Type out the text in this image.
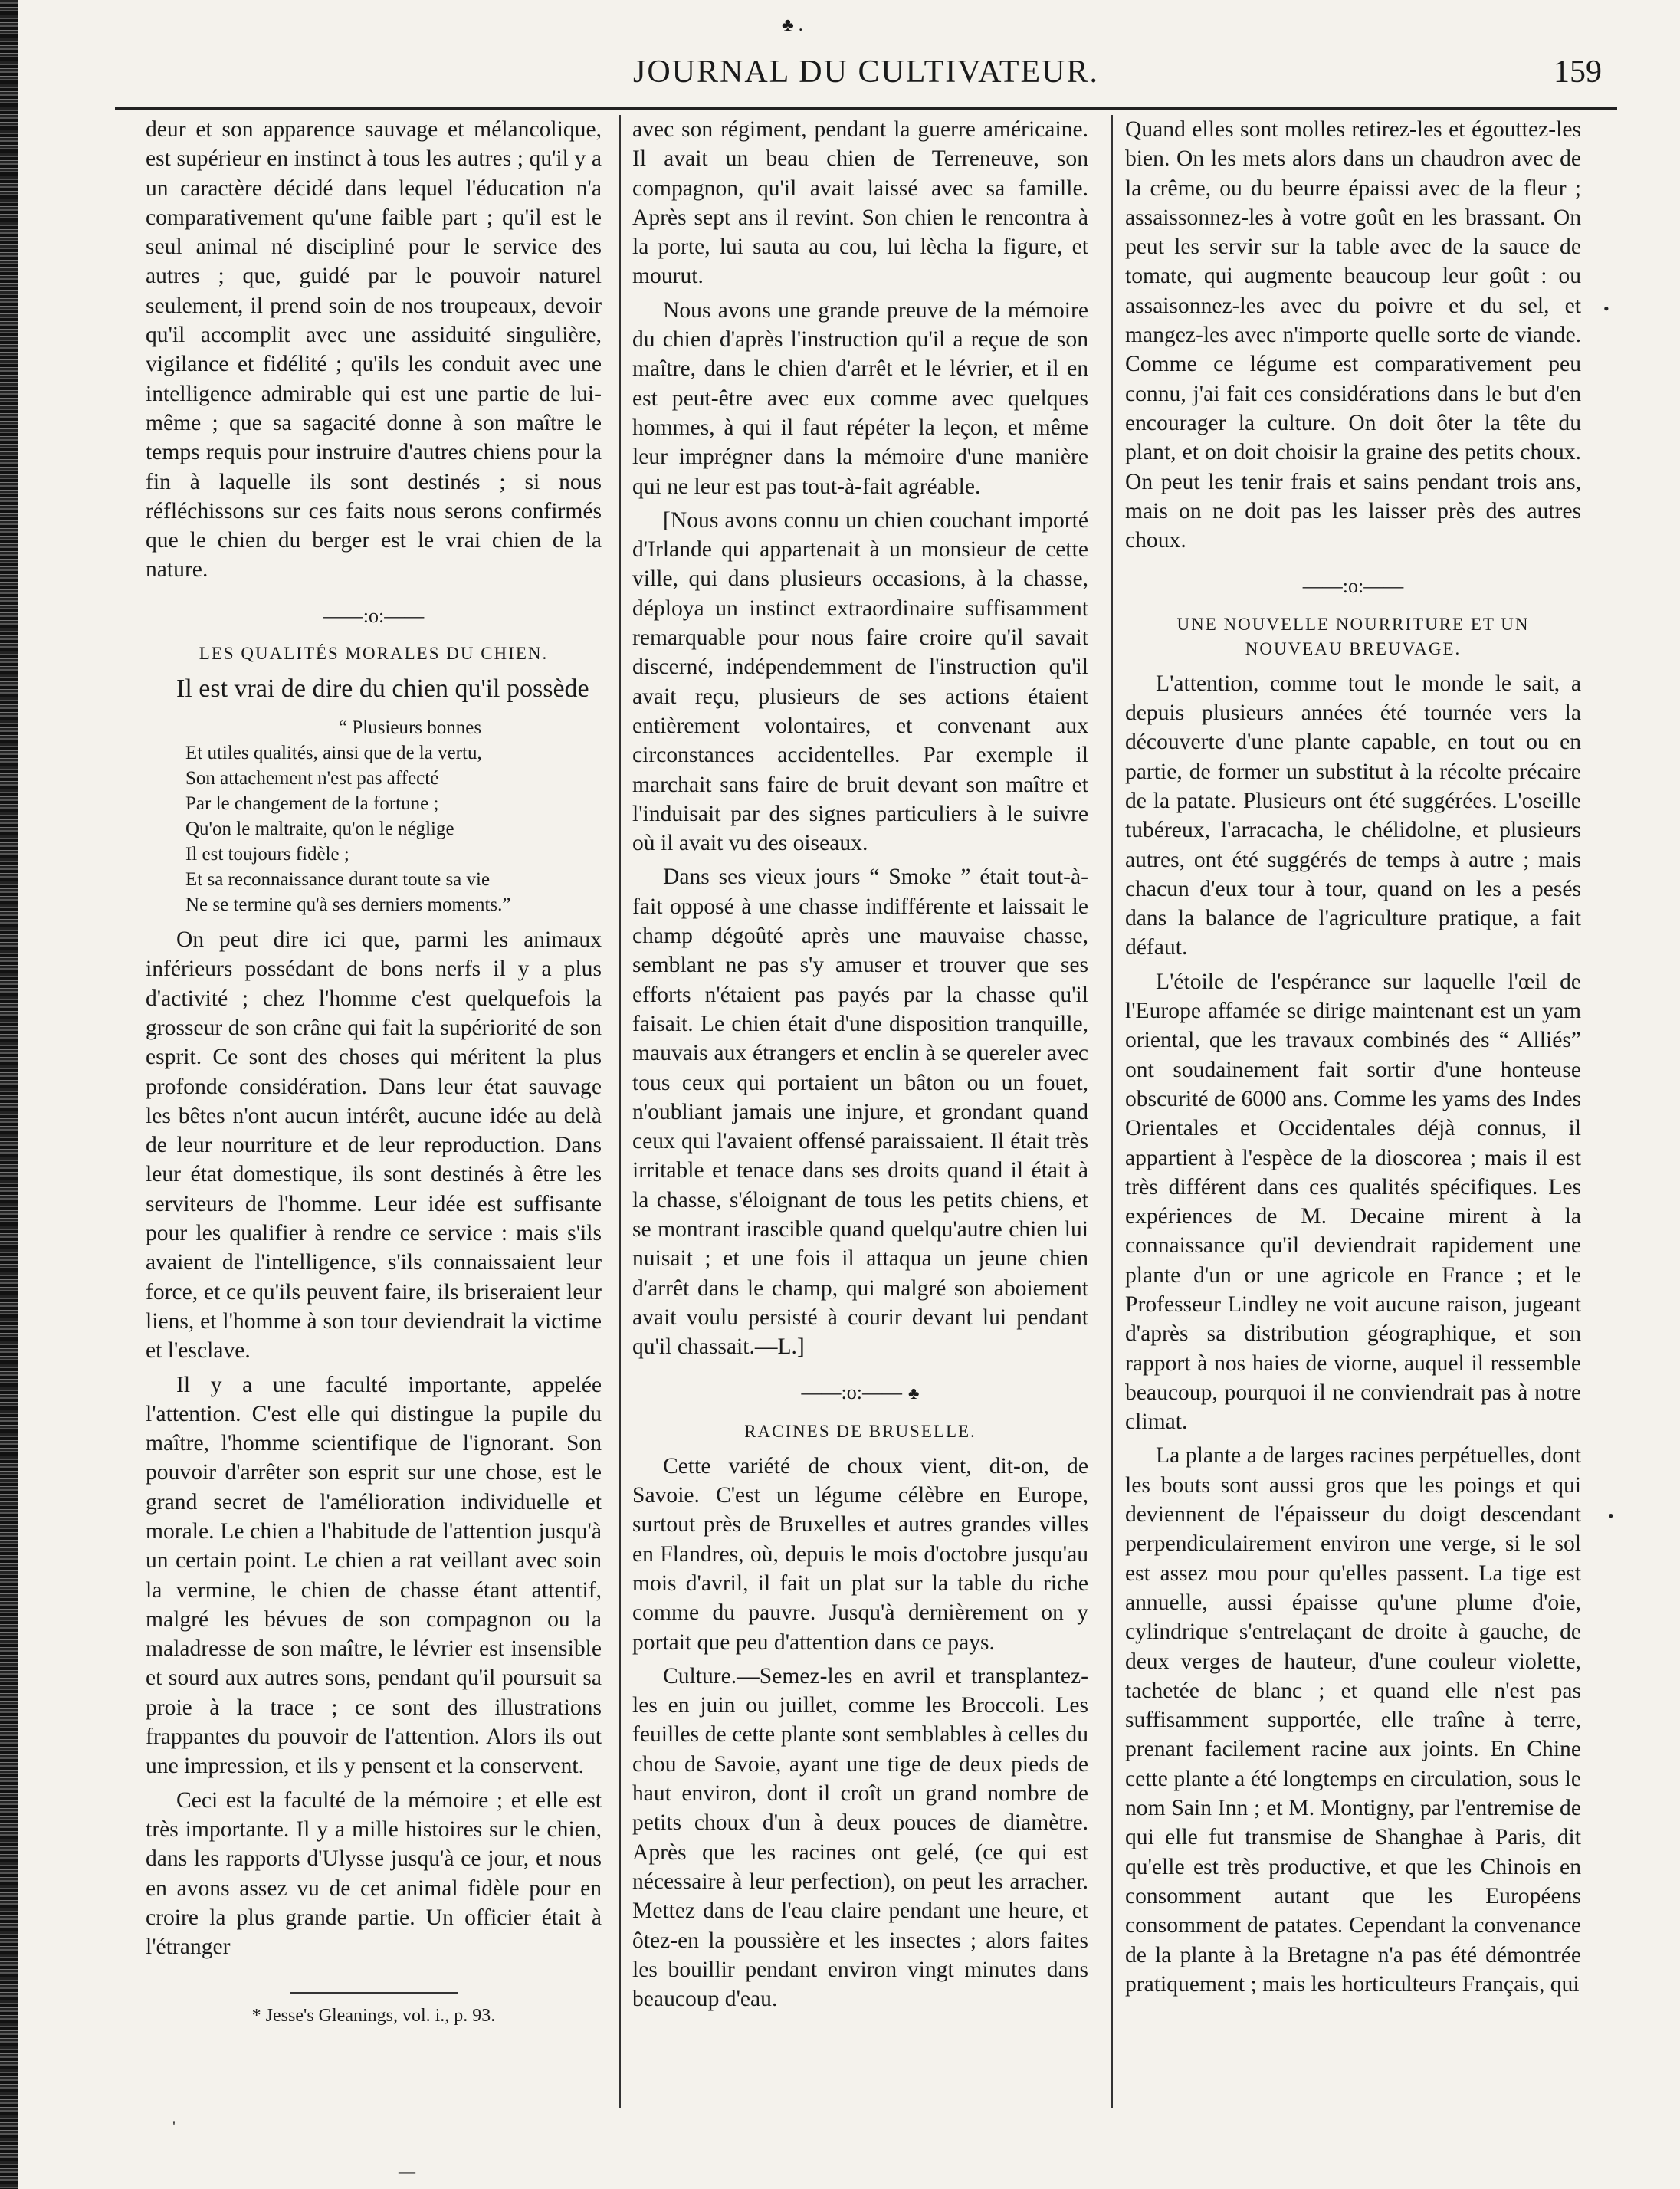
♣ .
JOURNAL DU CULTIVATEUR.	159

deur et son apparence sauvage et mélancolique, est supérieur en instinct à tous les autres ; qu'il y a un caractère décidé dans lequel l'éducation n'a comparativement qu'une faible part ; qu'il est le seul animal né discipliné pour le service des autres ; que, guidé par le pouvoir naturel seulement, il prend soin de nos troupeaux, devoir qu'il accomplit avec une assiduité singulière, vigilance et fidélité ; qu'ils les conduit avec une intelligence admirable qui est une partie de lui-même ; que sa sagacité donne à son maître le temps requis pour instruire d'autres chiens pour la fin à laquelle ils sont destinés ; si nous réfléchissons sur ces faits nous serons confirmés que le chien du berger est le vrai chien de la nature.

——:o:——
LES QUALITÉS MORALES DU CHIEN.

Il est vrai de dire du chien qu'il possède

“ Plusieurs bonnes
Et utiles qualités, ainsi que de la vertu,
Son attachement n'est pas affecté
Par le changement de la fortune ;
Qu'on le maltraite, qu'on le néglige
Il est toujours fidèle ;
Et sa reconnaissance durant toute sa vie
Ne se termine qu'à ses derniers moments.”

On peut dire ici que, parmi les animaux inférieurs possédant de bons nerfs il y a plus d'activité ; chez l'homme c'est quelquefois la grosseur de son crâne qui fait la supériorité de son esprit. Ce sont des choses qui méritent la plus profonde considération. Dans leur état sauvage les bêtes n'ont aucun intérêt, aucune idée au delà de leur nourriture et de leur reproduction. Dans leur état domestique, ils sont destinés à être les serviteurs de l'homme. Leur idée est suffisante pour les qualifier à rendre ce service : mais s'ils avaient de l'intelligence, s'ils connaissaient leur force, et ce qu'ils peuvent faire, ils briseraient leur liens, et l'homme à son tour deviendrait la victime et l'esclave.

Il y a une faculté importante, appelée l'attention. C'est elle qui distingue la pupile du maître, l'homme scientifique de l'ignorant. Son pouvoir d'arrêter son esprit sur une chose, est le grand secret de l'amélioration individuelle et morale. Le chien a l'habitude de l'attention jusqu'à un certain point. Le chien a rat veillant avec soin la vermine, le chien de chasse étant attentif, malgré les bévues de son compagnon ou la maladresse de son maître, le lévrier est insensible et sourd aux autres sons, pendant qu'il poursuit sa proie à la trace ; ce sont des illustrations frappantes du pouvoir de l'attention. Alors ils out une impression, et ils y pensent et la conservent.

Ceci est la faculté de la mémoire ; et elle est très importante. Il y a mille histoires sur le chien, dans les rapports d'Ulysse jusqu'à ce jour, et nous en avons assez vu de cet animal fidèle pour en croire la plus grande partie. Un officier était à l'étranger

* Jesse's Gleanings, vol. i., p. 93.

avec son régiment, pendant la guerre américaine. Il avait un beau chien de Terreneuve, son compagnon, qu'il avait laissé avec sa famille. Après sept ans il revint. Son chien le rencontra à la porte, lui sauta au cou, lui lècha la figure, et mourut.

Nous avons une grande preuve de la mémoire du chien d'après l'instruction qu'il a reçue de son maître, dans le chien d'arrêt et le lévrier, et il en est peut-être avec eux comme avec quelques hommes, à qui il faut répéter la leçon, et même leur imprégner dans la mémoire d'une manière qui ne leur est pas tout-à-fait agréable.

[Nous avons connu un chien couchant importé d'Irlande qui appartenait à un monsieur de cette ville, qui dans plusieurs occasions, à la chasse, déploya un instinct extraordinaire suffisamment remarquable pour nous faire croire qu'il savait discerné, indépendemment de l'instruction qu'il avait reçu, plusieurs de ses actions étaient entièrement volontaires, et convenant aux circonstances accidentelles. Par exemple il marchait sans faire de bruit devant son maître et l'induisait par des signes particuliers à le suivre où il avait vu des oiseaux.

Dans ses vieux jours “ Smoke ” était tout-à-fait opposé à une chasse indifférente et laissait le champ dégoûté après une mauvaise chasse, semblant ne pas s'y amuser et trouver que ses efforts n'étaient pas payés par la chasse qu'il faisait. Le chien était d'une disposition tranquille, mauvais aux étrangers et enclin à se quereler avec tous ceux qui portaient un bâton ou un fouet, n'oubliant jamais une injure, et grondant quand ceux qui l'avaient offensé paraissaient. Il était très irritable et tenace dans ses droits quand il était à la chasse, s'éloignant de tous les petits chiens, et se montrant irascible quand quelqu'autre chien lui nuisait ; et une fois il attaqua un jeune chien d'arrêt dans le champ, qui malgré son aboiement avait voulu persisté à courir devant lui pendant qu'il chassait.—L.]

——:o:—— ♣
RACINES DE BRUSELLE.

Cette variété de choux vient, dit-on, de Savoie. C'est un légume célèbre en Europe, surtout près de Bruxelles et autres grandes villes en Flandres, où, depuis le mois d'octobre jusqu'au mois d'avril, il fait un plat sur la table du riche comme du pauvre. Jusqu'à dernièrement on y portait que peu d'attention dans ce pays.

Culture.—Semez-les en avril et transplantez-les en juin ou juillet, comme les Broccoli. Les feuilles de cette plante sont semblables à celles du chou de Savoie, ayant une tige de deux pieds de haut environ, dont il croît un grand nombre de petits choux d'un à deux pouces de diamètre. Après que les racines ont gelé, (ce qui est nécessaire à leur perfection), on peut les arracher. Mettez dans de l'eau claire pendant une heure, et ôtez-en la poussière et les insectes ; alors faites les bouillir pendant environ vingt minutes dans beaucoup d'eau.

Quand elles sont molles retirez-les et égouttez-les bien. On les mets alors dans un chaudron avec de la crême, ou du beurre épaissi avec de la fleur ; assaissonnez-les à votre goût en les brassant. On peut les servir sur la table avec de la sauce de tomate, qui augmente beaucoup leur goût : ou assaisonnez-les avec du poivre et du sel, et mangez-les avec n'importe quelle sorte de viande. Comme ce légume est comparativement peu connu, j'ai fait ces considérations dans le but d'en encourager la culture. On doit ôter la tête du plant, et on doit choisir la graine des petits choux. On peut les tenir frais et sains pendant trois ans, mais on ne doit pas les laisser près des autres choux.

——:o:——
UNE NOUVELLE NOURRITURE ET UN NOUVEAU BREUVAGE.

L'attention, comme tout le monde le sait, a depuis plusieurs années été tournée vers la découverte d'une plante capable, en tout ou en partie, de former un substitut à la récolte précaire de la patate. Plusieurs ont été suggérées. L'oseille tubéreux, l'arracacha, le chélidolne, et plusieurs autres, ont été suggérés de temps à autre ; mais chacun d'eux tour à tour, quand on les a pesés dans la balance de l'agriculture pratique, a fait défaut.

L'étoile de l'espérance sur laquelle l'œil de l'Europe affamée se dirige maintenant est un yam oriental, que les travaux combinés des “ Alliés” ont soudainement fait sortir d'une honteuse obscurité de 6000 ans. Comme les yams des Indes Orientales et Occidentales déjà connus, il appartient à l'espèce de la dioscorea ; mais il est très différent dans ces qualités spécifiques. Les expériences de M. Decaine mirent à la connaissance qu'il deviendrait rapidement une plante d'un or une agricole en France ; et le Professeur Lindley ne voit aucune raison, jugeant d'après sa distribution géographique, et son rapport à nos haies de viorne, auquel il ressemble beaucoup, pourquoi il ne conviendrait pas à notre climat.

La plante a de larges racines perpétuelles, dont les bouts sont aussi gros que les poings et qui deviennent de l'épaisseur du doigt descendant perpendiculairement environ une verge, si le sol est assez mou pour qu'elles passent. La tige est annuelle, aussi épaisse qu'une plume d'oie, cylindrique s'entrelaçant de droite à gauche, de deux verges de hauteur, d'une couleur violette, tachetée de blanc ; et quand elle n'est pas suffisamment supportée, elle traîne à terre, prenant facilement racine aux joints. En Chine cette plante a été longtemps en circulation, sous le nom Sain Inn ; et M. Montigny, par l'entremise de qui elle fut transmise de Shanghae à Paris, dit qu'elle est très productive, et que les Chinois en consomment autant que les Européens consomment de patates. Cependant la convenance de la plante à la Bretagne n'a pas été démontrée pratiquement ; mais les horticulteurs Français, qui

•
•
'
—
